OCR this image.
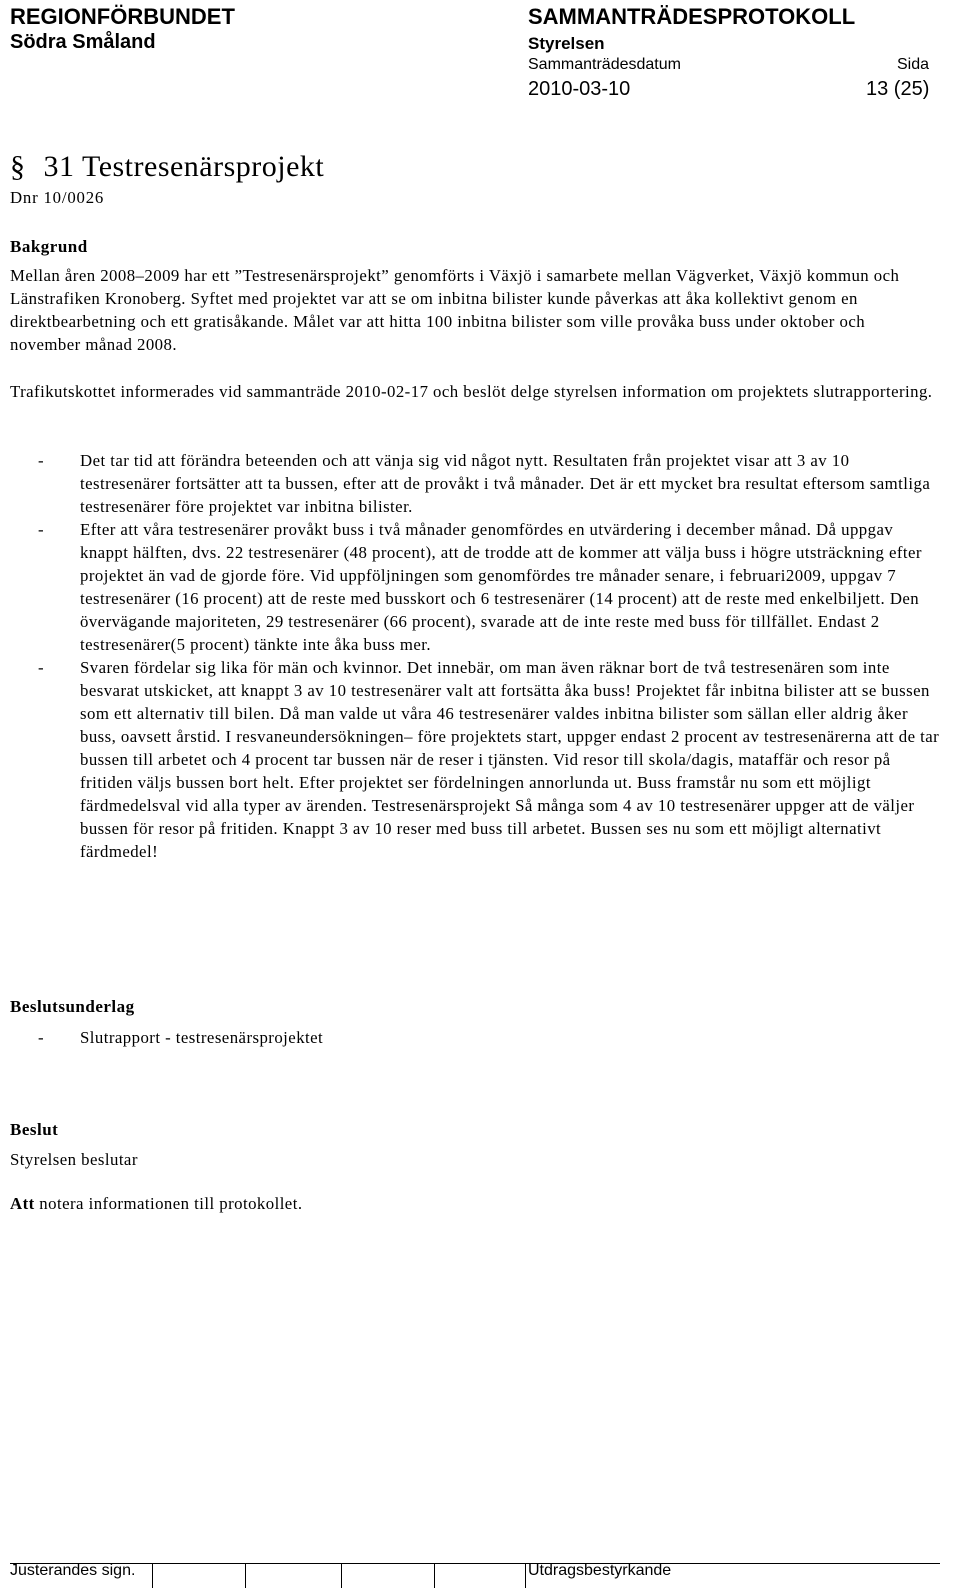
REGIONFÖRBUNDET
Södra Småland
SAMMANTRÄDESPROTOKOLL
Styrelsen
Sammanträdesdatum	Sida
2010-03-10	13 (25)
§ 31 Testresenärsprojekt
Dnr 10/0026
Bakgrund

Mellan åren 2008–2009 har ett ”Testresenärsprojekt” genomförts i Växjö i samarbete mellan Vägverket, Växjö kommun och Länstrafiken Kronoberg. Syftet med projektet var att se om inbitna bilister kunde påverkas att åka kollektivt genom en direktbearbetning och ett gratisåkande. Målet var att hitta 100 inbitna bilister som ville provåka buss under oktober och november månad 2008.

Trafikutskottet informerades vid sammanträde 2010-02-17 och beslöt delge styrelsen information om projektets slutrapportering.

- Det tar tid att förändra beteenden och att vänja sig vid något nytt. Resultaten från projektet visar att 3 av 10 testresenärer fortsätter att ta bussen, efter att de provåkt i två månader. Det är ett mycket bra resultat eftersom samtliga testresenärer före projektet var inbitna bilister.
- Efter att våra testresenärer provåkt buss i två månader genomfördes en utvärdering i december månad. Då uppgav knappt hälften, dvs. 22 testresenärer (48 procent), att de trodde att de kommer att välja buss i högre utsträckning efter projektet än vad de gjorde före. Vid uppföljningen som genomfördes tre månader senare, i februari2009, uppgav 7 testresenärer (16 procent) att de reste med busskort och 6 testresenärer (14 procent) att de reste med enkelbiljett. Den övervägande majoriteten, 29 testresenärer (66 procent), svarade att de inte reste med buss för tillfället. Endast 2 testresenärer(5 procent) tänkte inte åka buss mer.
- Svaren fördelar sig lika för män och kvinnor. Det innebär, om man även räknar bort de två testresenären som inte besvarat utskicket, att knappt 3 av 10 testresenärer valt att fortsätta åka buss! Projektet får inbitna bilister att se bussen som ett alternativ till bilen. Då man valde ut våra 46 testresenärer valdes inbitna bilister som sällan eller aldrig åker buss, oavsett årstid. I resvaneundersökningen– före projektets start, uppger endast 2 procent av testresenärerna att de tar bussen till arbetet och 4 procent tar bussen när de reser i tjänsten. Vid resor till skola/dagis, mataffär och resor på fritiden väljs bussen bort helt. Efter projektet ser fördelningen annorlunda ut. Buss framstår nu som ett möjligt färdmedelsval vid alla typer av ärenden. Testresenärsprojekt Så många som 4 av 10 testresenärer uppger att de väljer bussen för resor på fritiden. Knappt 3 av 10 reser med buss till arbetet. Bussen ses nu som ett möjligt alternativt färdmedel!
Beslutsunderlag
- Slutrapport - testresenärsprojektet
Beslut
Styrelsen beslutar
Att notera informationen till protokollet.
Justerandes sign.	Utdragsbestyrkande
